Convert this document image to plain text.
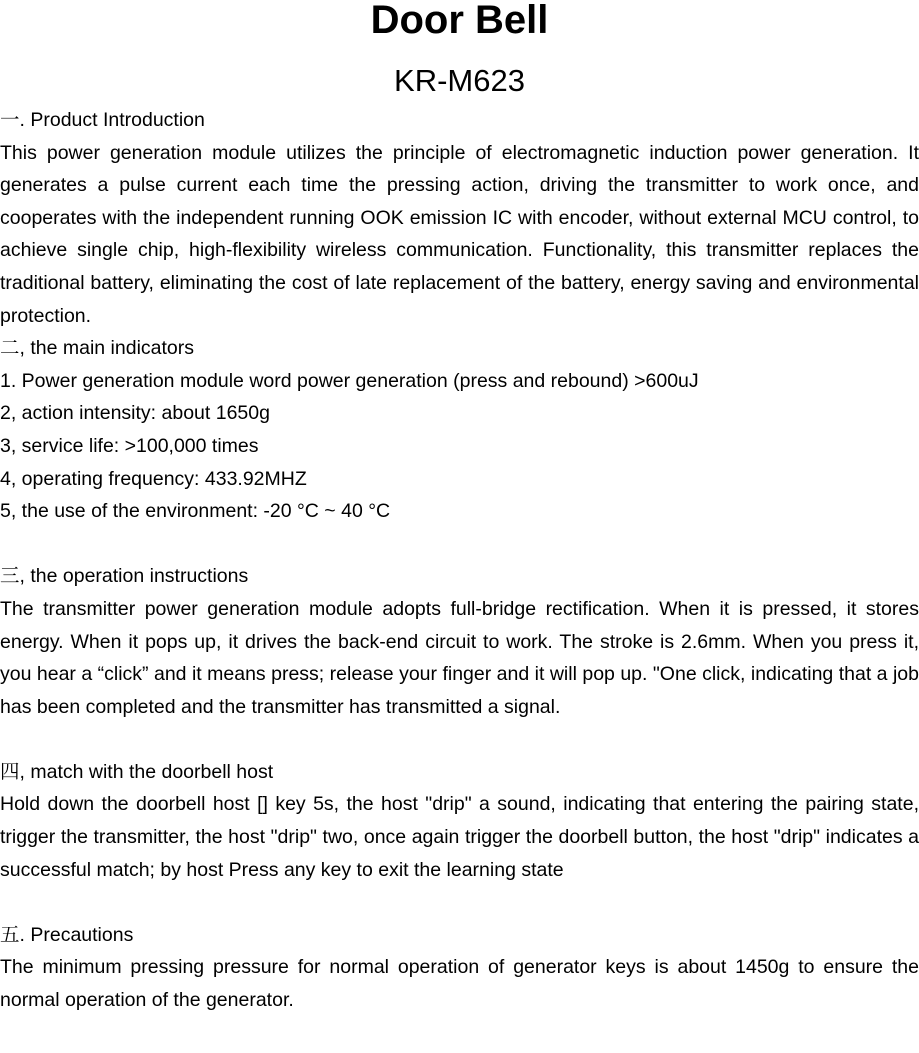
Door Bell
KR-M623

一. Product Introduction

This power generation module utilizes the principle of electromagnetic induction power generation. It generates a pulse current each time the pressing action, driving the transmitter to work once, and cooperates with the independent running OOK emission IC with encoder, without external MCU control, to achieve single chip, high-flexibility wireless communication. Functionality, this transmitter replaces the traditional battery, eliminating the cost of late replacement of the battery, energy saving and environmental protection.

二, the main indicators

1. Power generation module word power generation (press and rebound) >600uJ

2, action intensity: about 1650g

3, service life: >100,000 times

4, operating frequency: 433.92MHZ

5, the use of the environment: -20 °C ~ 40 °C

三, the operation instructions

The transmitter power generation module adopts full-bridge rectification. When it is pressed, it stores energy. When it pops up, it drives the back-end circuit to work. The stroke is 2.6mm. When you press it, you hear a “click” and it means press; release your finger and it will pop up. "One click, indicating that a job has been completed and the transmitter has transmitted a signal.

四, match with the doorbell host

Hold down the doorbell host [] key 5s, the host "drip" a sound, indicating that entering the pairing state, trigger the transmitter, the host "drip" two, once again trigger the doorbell button, the host "drip" indicates a successful match; by host Press any key to exit the learning state

五. Precautions

The minimum pressing pressure for normal operation of generator keys is about 1450g to ensure the normal operation of the generator.
